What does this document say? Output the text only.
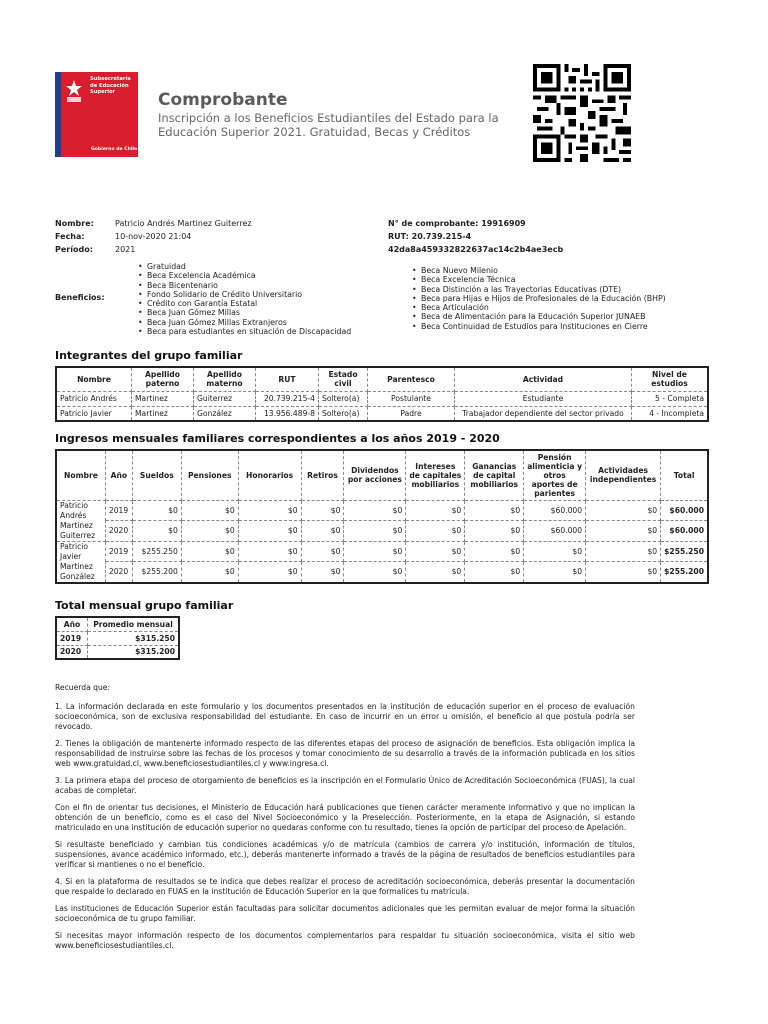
Subsecretaría
de Educación
Superior
Gobierno de Chile
Comprobante
Inscripción a los Beneficios Estudiantiles del Estado para la Educación Superior 2021. Gratuidad, Becas y Créditos
Nombre:	Patricio Andrés Martinez Guiterrez
Fecha:	10-nov-2020 21:04
Período:	2021
N° de comprobante: 19916909
RUT: 20.739.215-4
42da8a459332822637ac14c2b4ae3ecb
Beneficios:
• Gratuidad
• Beca Excelencia Académica
• Beca Bicentenario
• Fondo Solidario de Crédito Universitario
• Crédito con Garantía Estatal
• Beca Juan Gómez Millas
• Beca Juan Gómez Millas Extranjeros
• Beca para estudiantes en situación de Discapacidad
• Beca Nuevo Milenio
• Beca Excelencia Técnica
• Beca Distinción a las Trayectorias Educativas (DTE)
• Beca para Hijas e Hijos de Profesionales de la Educación (BHP)
• Beca Articulación
• Beca de Alimentación para la Educación Superior JUNAEB
• Beca Continuidad de Estudios para Instituciones en Cierre
Integrantes del grupo familiar
Nombre	Apellido paterno	Apellido materno	RUT	Estado civil	Parentesco	Actividad	Nivel de estudios
Patricio Andrés	Martinez	Guiterrez	20.739.215-4	Soltero(a)	Postulante	Estudiante	5 - Completa
Patricio Javier	Martinez	González	13.956.489-8	Soltero(a)	Padre	Trabajador dependiente del sector privado	4 - Incompleta
Ingresos mensuales familiares correspondientes a los años 2019 - 2020
Nombre	Año	Sueldos	Pensiones	Honorarios	Retiros	Dividendos por acciones	Intereses de capitales mobiliarios	Ganancias de capital mobiliarios	Pensión alimenticia y otros aportes de parientes	Actividades independientes	Total
Patricio Andrés Martinez Guiterrez	2019	$0	$0	$0	$0	$0	$0	$0	$60.000	$0	$60.000
	2020	$0	$0	$0	$0	$0	$0	$0	$60.000	$0	$60.000
Patricio Javier Martinez González	2019	$255.250	$0	$0	$0	$0	$0	$0	$0	$0	$255.250
	2020	$255.200	$0	$0	$0	$0	$0	$0	$0	$0	$255.200
Total mensual grupo familiar
Año	Promedio mensual
2019	$315.250
2020	$315.200

Recuerda que:

1. La información declarada en este formulario y los documentos presentados en la institución de educación superior en el proceso de evaluación socioeconómica, son de exclusiva responsabilidad del estudiante. En caso de incurrir en un error u omisión, el beneficio al que postula podría ser revocado.

2. Tienes la obligación de mantenerte informado respecto de las diferentes etapas del proceso de asignación de beneficios. Esta obligación implica la responsabilidad de instruirse sobre las fechas de los procesos y tomar conocimiento de su desarrollo a través de la información publicada en los sitios web www.gratuidad.cl, www.beneficiosestudiantiles.cl y www.ingresa.cl.

3. La primera etapa del proceso de otorgamiento de beneficios es la inscripción en el Formulario Único de Acreditación Socioeconómica (FUAS), la cual acabas de completar.

Con el fin de orientar tus decisiones, el Ministerio de Educación hará publicaciones que tienen carácter meramente informativo y que no implican la obtención de un beneficio, como es el caso del Nivel Socioeconómico y la Preselección. Posteriormente, en la etapa de Asignación, si estando matriculado en una institución de educación superior no quedaras conforme con tu resultado, tienes la opción de participar del proceso de Apelación.

Si resultaste beneficiado y cambian tus condiciones académicas y/o de matrícula (cambios de carrera y/o institución, información de títulos, suspensiones, avance académico informado, etc.), deberás mantenerte informado a través de la página de resultados de beneficios estudiantiles para verificar si mantienes o no el beneficio.

4. Si en la plataforma de resultados se te indica que debes realizar el proceso de acreditación socioeconómica, deberás presentar la documentación que respalde lo declarado en FUAS en la institución de Educación Superior en la que formalices tu matrícula.

Las instituciones de Educación Superior están facultadas para solicitar documentos adicionales que les permitan evaluar de mejor forma la situación socioeconómica de tu grupo familiar.

Si necesitas mayor información respecto de los documentos complementarios para respaldar tu situación socioeconómica, visita el sitio web www.beneficiosestudiantiles.cl.
